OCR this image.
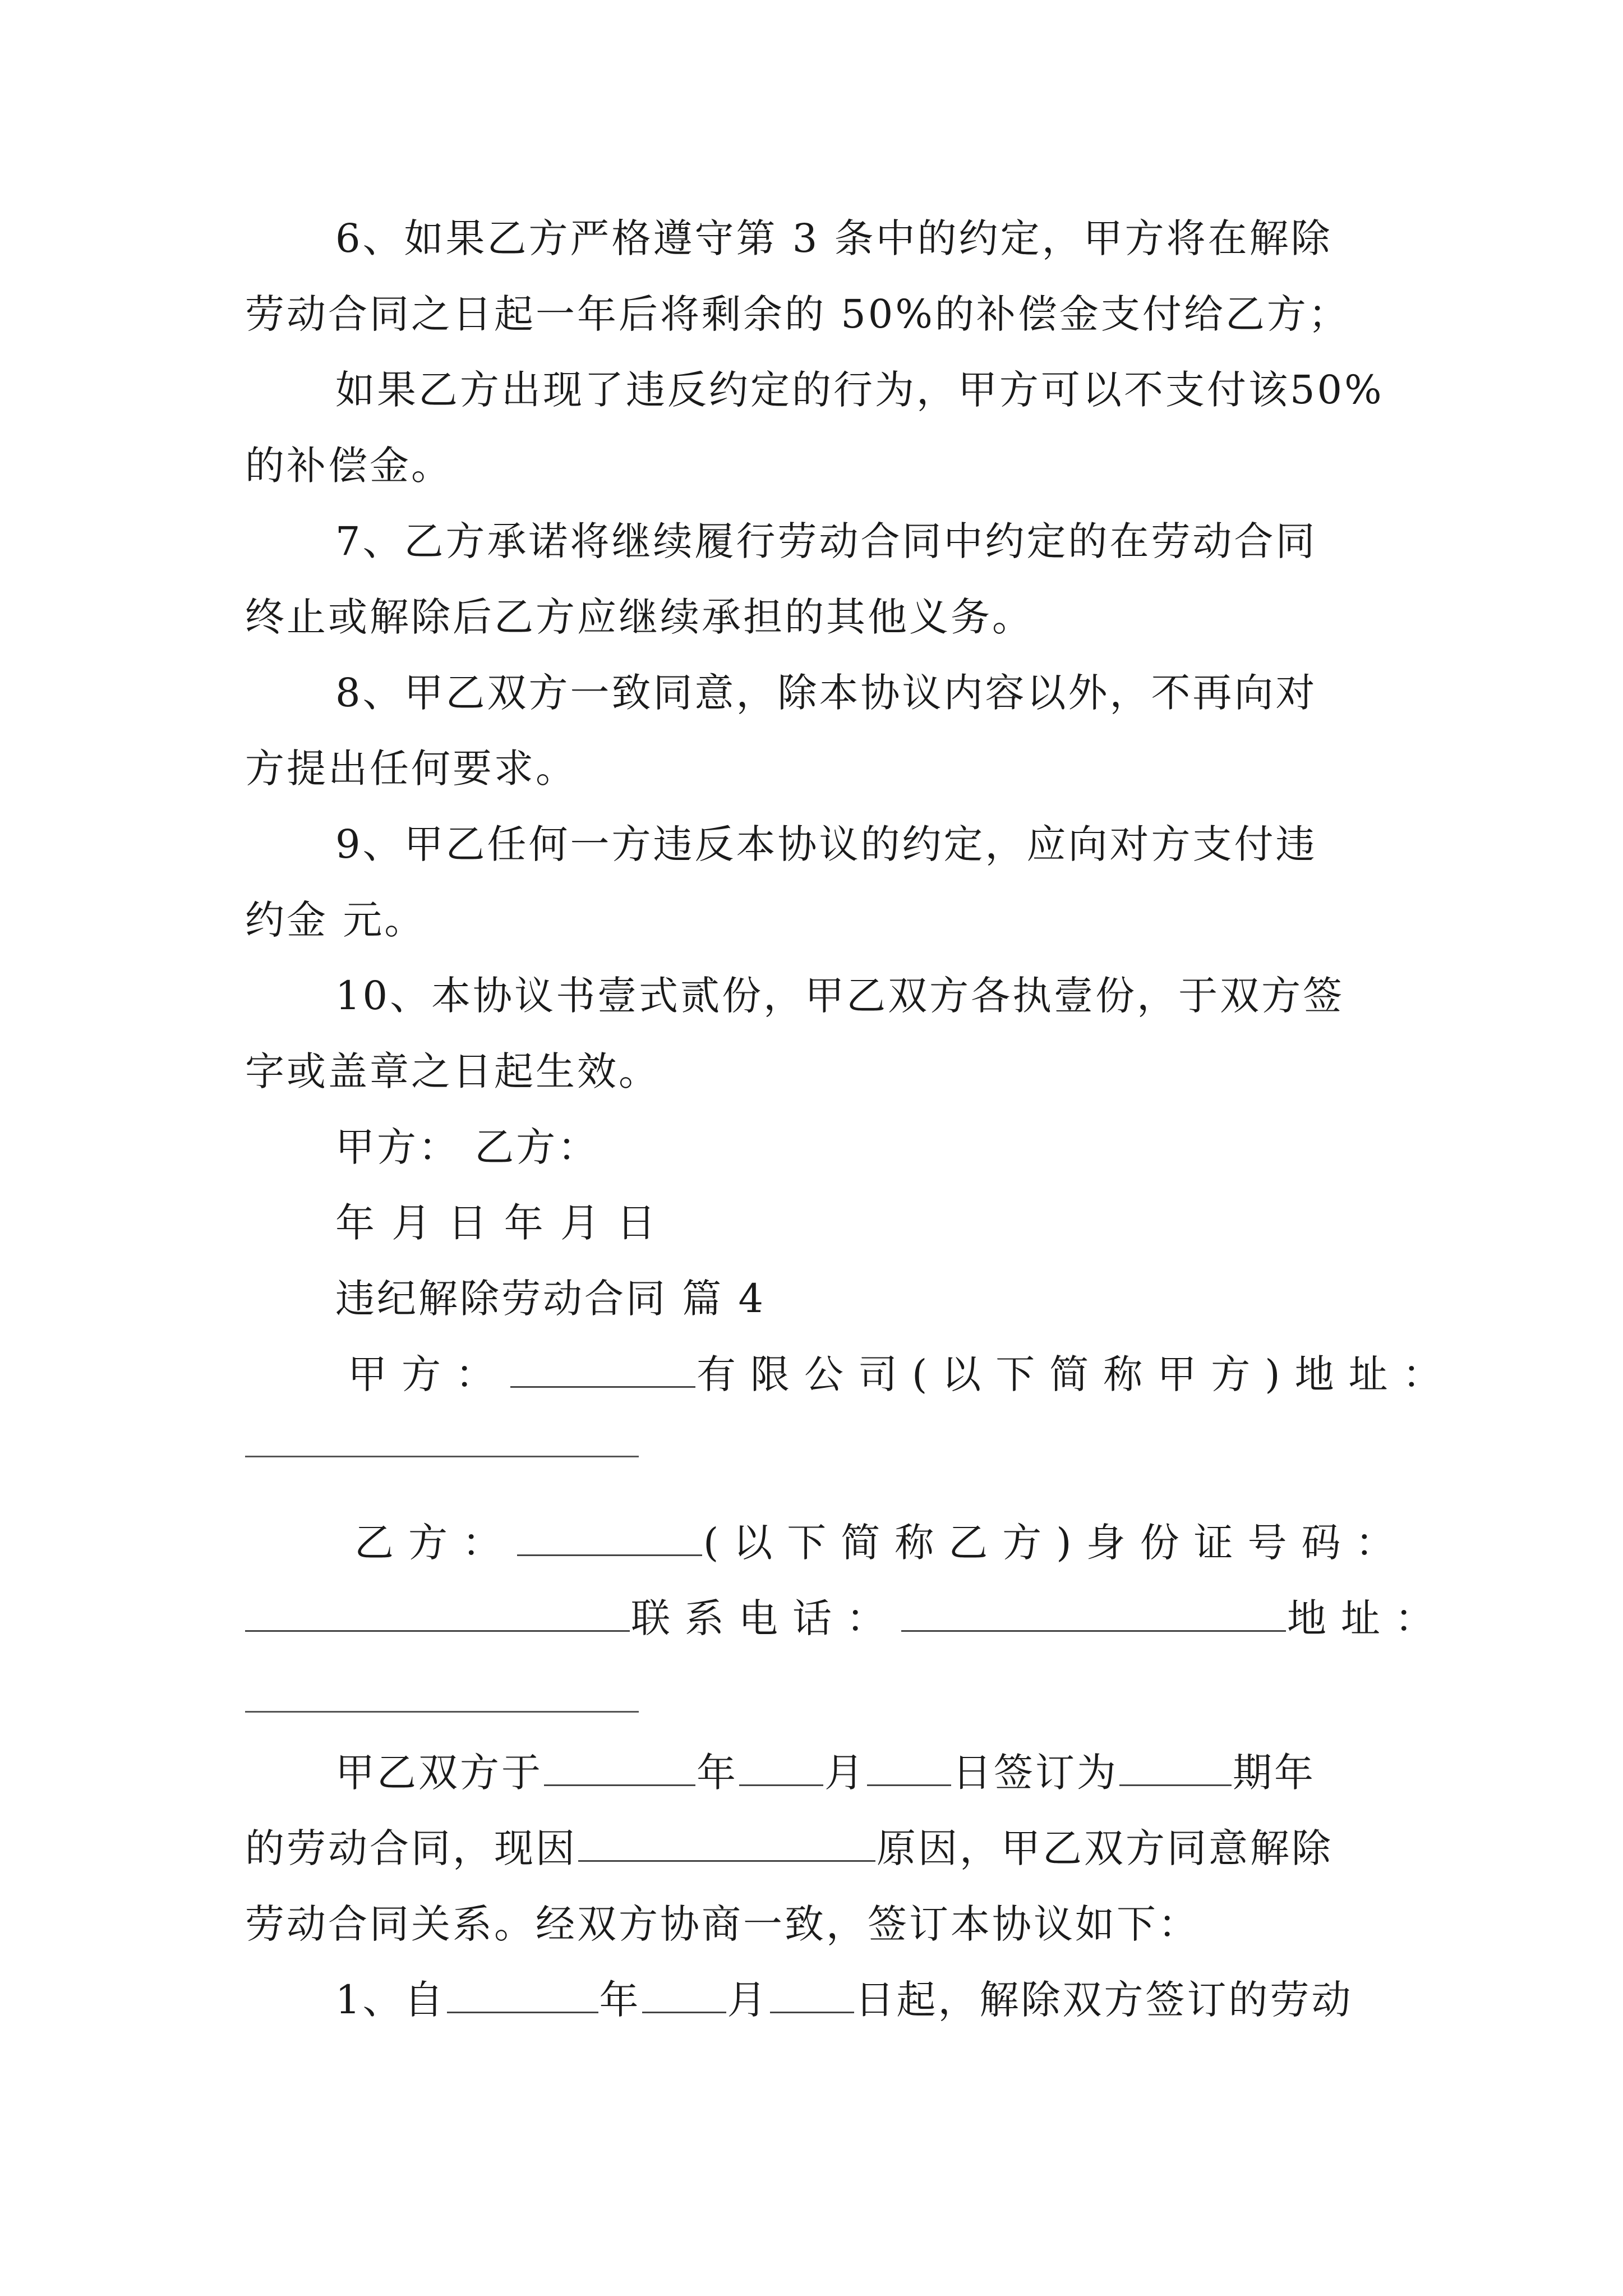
6、如果乙方严格遵守第 3 条中的约定，甲方将在解除
劳动合同之日起一年后将剩余的 50%的补偿金支付给乙方；
如果乙方出现了违反约定的行为，甲方可以不支付该50%
的补偿金。
7、乙方承诺将继续履行劳动合同中约定的在劳动合同
终止或解除后乙方应继续承担的其他义务。
8、甲乙双方一致同意，除本协议内容以外，不再向对
方提出任何要求。
9、甲乙任何一方违反本协议的约定，应向对方支付违
约金 元。
10、本协议书壹式贰份，甲乙双方各执壹份，于双方签
字或盖章之日起生效。
甲方： 乙方：
年 月 日 年 月 日
违纪解除劳动合同 篇 4
甲方：	有限公司(以下简称甲方)地址：
乙方：	(以下简称乙方)身份证号码：
联系电话：	地址：
甲乙双方于	年 月 日签订为	期年
的劳动合同，现因	原因，甲乙双方同意解除
劳动合同关系。经双方协商一致，签订本协议如下：
1、自	年 月 日起，解除双方签订的劳动
